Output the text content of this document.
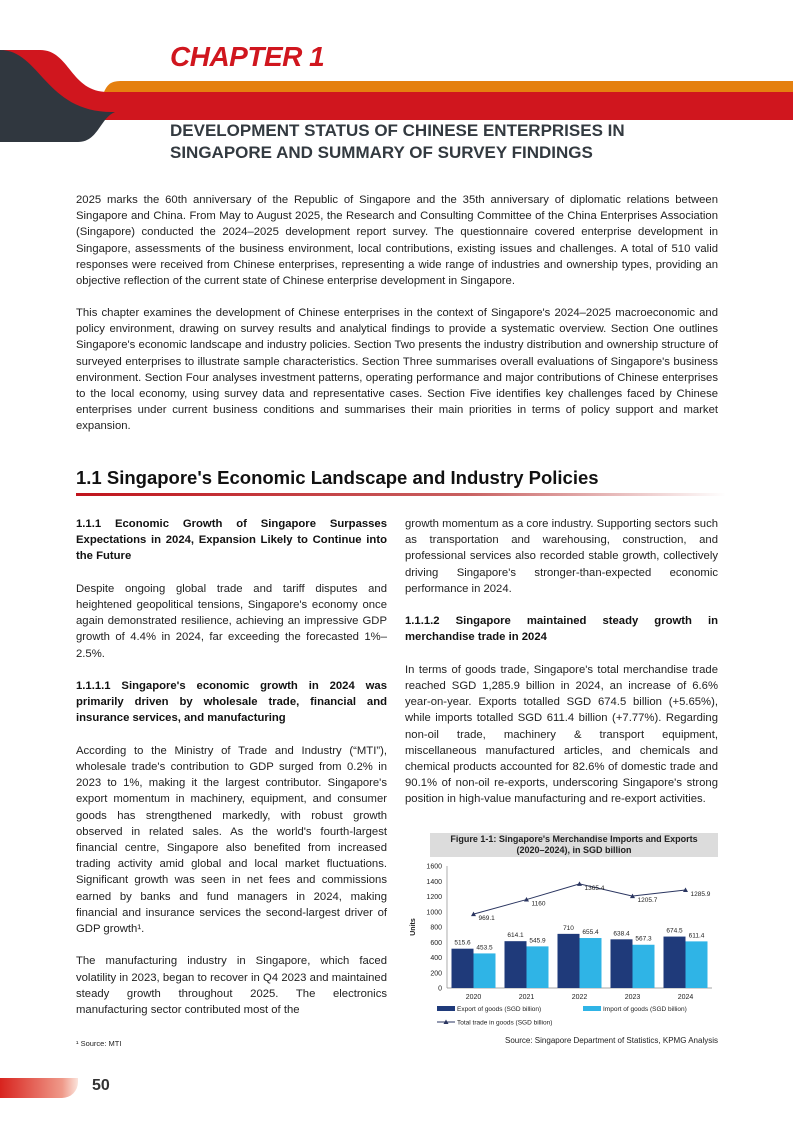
CHAPTER 1
DEVELOPMENT STATUS OF CHINESE ENTERPRISES IN
SINGAPORE AND SUMMARY OF SURVEY FINDINGS

2025 marks the 60th anniversary of the Republic of Singapore and the 35th anniversary of diplomatic relations between Singapore and China. From May to August 2025, the Research and Consulting Committee of the China Enterprises Association (Singapore) conducted the 2024–2025 development report survey. The questionnaire covered enterprise development in Singapore, assessments of the business environment, local contributions, existing issues and challenges. A total of 510 valid responses were received from Chinese enterprises, representing a wide range of industries and ownership types, providing an objective reflection of the current state of Chinese enterprise development in Singapore.

This chapter examines the development of Chinese enterprises in the context of Singapore's 2024–2025 macroeconomic and policy environment, drawing on survey results and analytical findings to provide a systematic overview. Section One outlines Singapore's economic landscape and industry policies. Section Two presents the industry distribution and ownership structure of surveyed enterprises to illustrate sample characteristics. Section Three summarises overall evaluations of Singapore's business environment. Section Four analyses investment patterns, operating performance and major contributions of Chinese enterprises to the local economy, using survey data and representative cases. Section Five identifies key challenges faced by Chinese enterprises under current business conditions and summarises their main priorities in terms of policy support and market expansion.

1.1 Singapore's Economic Landscape and Industry Policies

1.1.1 Economic Growth of Singapore Surpasses Expectations in 2024, Expansion Likely to Continue into the Future

Despite ongoing global trade and tariff disputes and heightened geopolitical tensions, Singapore's economy once again demonstrated resilience, achieving an impressive GDP growth of 4.4% in 2024, far exceeding the forecasted 1%–2.5%.

1.1.1.1 Singapore's economic growth in 2024 was primarily driven by wholesale trade, financial and insurance services, and manufacturing

According to the Ministry of Trade and Industry (“MTI”), wholesale trade's contribution to GDP surged from 0.2% in 2023 to 1%, making it the largest contributor. Singapore's export momentum in machinery, equipment, and consumer goods has strengthened markedly, with robust growth observed in related sales. As the world's fourth-largest financial centre, Singapore also benefited from increased trading activity amid global and local market fluctuations. Significant growth was seen in net fees and commissions earned by banks and fund managers in 2024, making financial and insurance services the second-largest driver of GDP growth¹.

The manufacturing industry in Singapore, which faced volatility in 2023, began to recover in Q4 2023 and maintained steady growth throughout 2025. The electronics manufacturing sector contributed most of the

growth momentum as a core industry. Supporting sectors such as transportation and warehousing, construction, and professional services also recorded stable growth, collectively driving Singapore's stronger-than-expected economic performance in 2024.

1.1.1.2 Singapore maintained steady growth in merchandise trade in 2024

In terms of goods trade, Singapore's total merchandise trade reached SGD 1,285.9 billion in 2024, an increase of 6.6% year-on-year. Exports totalled SGD 674.5 billion (+5.65%), while imports totalled SGD 611.4 billion (+7.77%). Regarding non-oil trade, machinery & transport equipment, miscellaneous manufactured articles, and chemicals and chemical products accounted for 82.6% of domestic trade and 90.1% of non-oil re-exports, underscoring Singapore's strong position in high-value manufacturing and re-export activities.

Figure 1-1: Singapore's Merchandise Imports and Exports
(2020–2024), in SGD billion
0
200
400
600
800
1000
1200
1400
1600
Units
2020
515.6
453.5
2021
614.1
545.9
2022
710
655.4
2023
638.4
567.3
2024
674.5
611.4
969.1
1160
1365.4
1205.7
1285.9
Export of goods (SGD billion)	Import of goods (SGD billion)
Total trade in goods (SGD billion)
Source: Singapore Department of Statistics, KPMG Analysis
¹ Source: MTI
50
